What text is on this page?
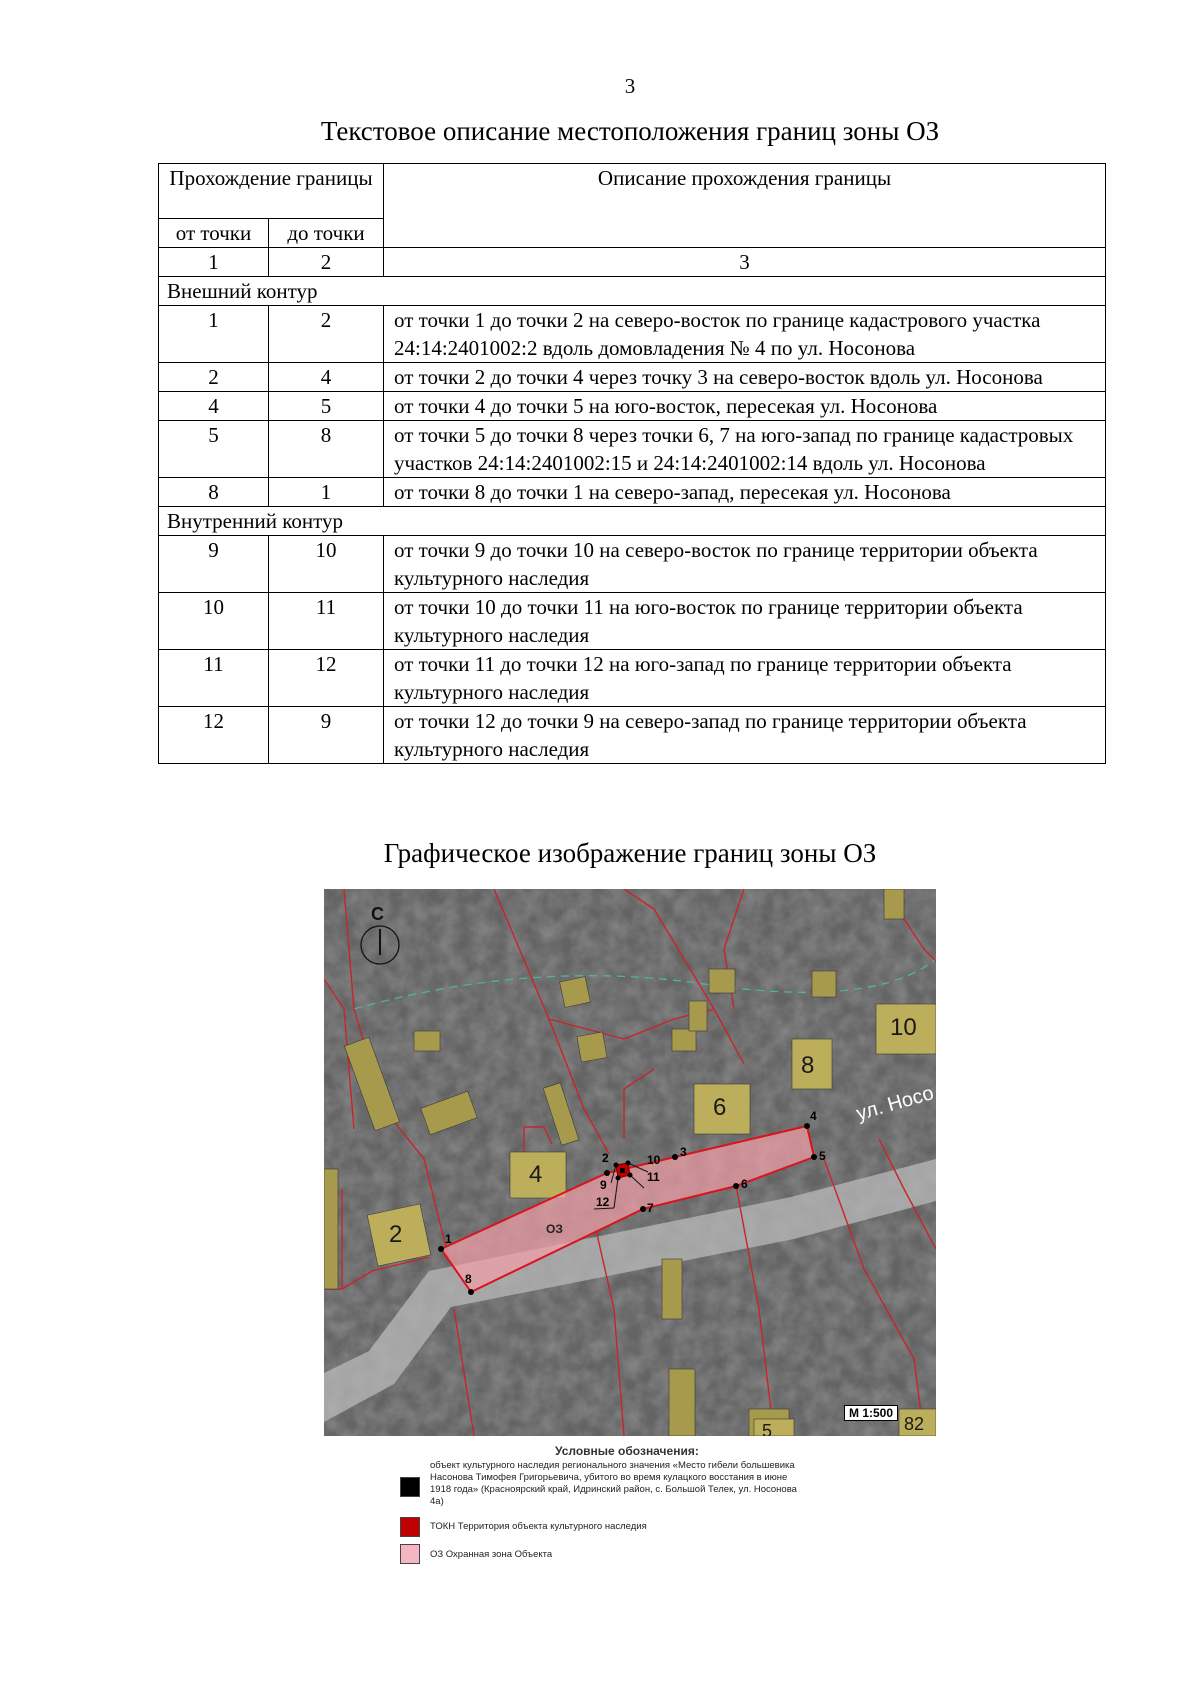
3
Текстовое описание местоположения границ зоны ОЗ
Прохождение границы		Описание прохождения границы
от точки	до точки	
1	2	3
Внешний контур		
1	2	от точки 1 до точки 2 на северо-восток по границе кадастрового участка 24:14:2401002:2 вдоль домовладения № 4 по ул. Носонова
2	4	от точки 2 до точки 4 через точку 3 на северо-восток вдоль ул. Носонова
4	5	от точки 4 до точки 5 на юго-восток, пересекая ул. Носонова
5	8	от точки 5 до точки 8 через точки 6, 7 на юго-запад по границе кадастровых участков 24:14:2401002:15 и 24:14:2401002:14 вдоль ул. Носонова
8	1	от точки 8 до точки 1 на северо-запад, пересекая ул. Носонова
Внутренний контур		
9	10	от точки 9 до точки 10 на северо-восток по границе территории объекта культурного наследия
10	11	от точки 10 до точки 11 на юго-восток по границе территории объекта культурного наследия
11	12	от точки 11 до точки 12 на юго-запад по границе территории объекта культурного наследия
12	9	от точки 12 до точки 9 на северо-запад по границе территории объекта культурного наследия
Графическое изображение границ зоны ОЗ
С
ул. Носо
ОЗ
2
4
6
8
10
5	82
1
2	3
4
5
6
7
8
9
10
11
12
М 1:500
Условные обозначения:
объект культурного наследия регионального значения «Место гибели большевика Насонова Тимофея Григорьевича, убитого во время кулацкого восстания в июне 1918 года» (Красноярский край, Идринский район, с. Большой Телек, ул. Носонова 4а)
ТОКН Территория объекта культурного наследия
ОЗ Охранная зона Объекта
